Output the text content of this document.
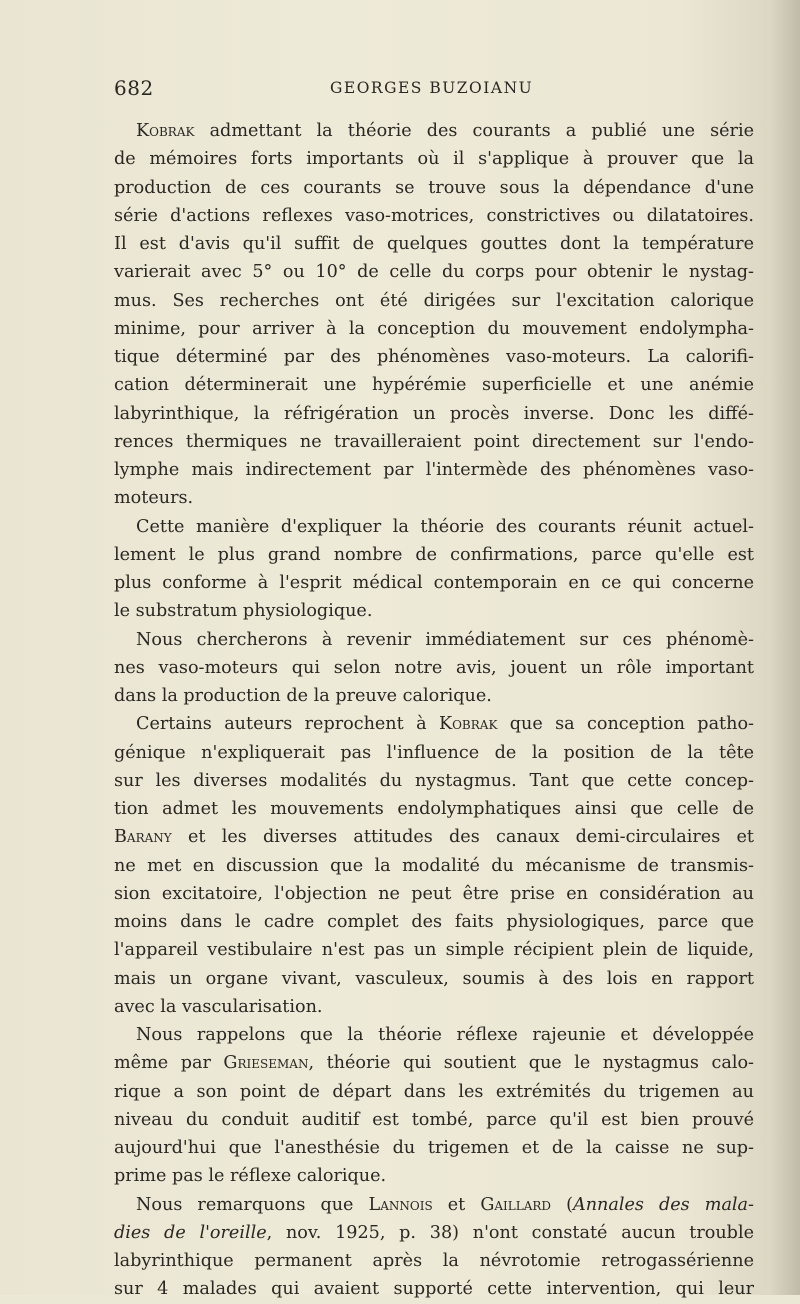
682	GEORGES BUZOIANU
Kobrak admettant la théorie des courants a publié une série
de mémoires forts importants où il s'applique à prouver que la
production de ces courants se trouve sous la dépendance d'une
série d'actions reflexes vaso-motrices, constrictives ou dilatatoires.
Il est d'avis qu'il suffit de quelques gouttes dont la température
varierait avec 5° ou 10° de celle du corps pour obtenir le nystag-
mus. Ses recherches ont été dirigées sur l'excitation calorique
minime, pour arriver à la conception du mouvement endolympha-
tique déterminé par des phénomènes vaso-moteurs. La calorifi-
cation déterminerait une hypérémie superficielle et une anémie
labyrinthique, la réfrigération un procès inverse. Donc les diffé-
rences thermiques ne travailleraient point directement sur l'endo-
lymphe mais indirectement par l'intermède des phénomènes vaso-
moteurs.
Cette manière d'expliquer la théorie des courants réunit actuel-
lement le plus grand nombre de confirmations, parce qu'elle est
plus conforme à l'esprit médical contemporain en ce qui concerne
le substratum physiologique.
Nous chercherons à revenir immédiatement sur ces phénomè-
nes vaso-moteurs qui selon notre avis, jouent un rôle important
dans la production de la preuve calorique.
Certains auteurs reprochent à Kobrak que sa conception patho-
génique n'expliquerait pas l'influence de la position de la tête
sur les diverses modalités du nystagmus. Tant que cette concep-
tion admet les mouvements endolymphatiques ainsi que celle de
Barany et les diverses attitudes des canaux demi-circulaires et
ne met en discussion que la modalité du mécanisme de transmis-
sion excitatoire, l'objection ne peut être prise en considération au
moins dans le cadre complet des faits physiologiques, parce que
l'appareil vestibulaire n'est pas un simple récipient plein de liquide,
mais un organe vivant, vasculeux, soumis à des lois en rapport
avec la vascularisation.
Nous rappelons que la théorie réflexe rajeunie et développée
même par Grieseman, théorie qui soutient que le nystagmus calo-
rique a son point de départ dans les extrémités du trigemen au
niveau du conduit auditif est tombé, parce qu'il est bien prouvé
aujourd'hui que l'anesthésie du trigemen et de la caisse ne sup-
prime pas le réflexe calorique.
Nous remarquons que Lannois et Gaillard (Annales des mala-
dies de l'oreille, nov. 1925, p. 38) n'ont constaté aucun trouble
labyrinthique permanent après la névrotomie retrogassérienne
sur 4 malades qui avaient supporté cette intervention, qui leur
